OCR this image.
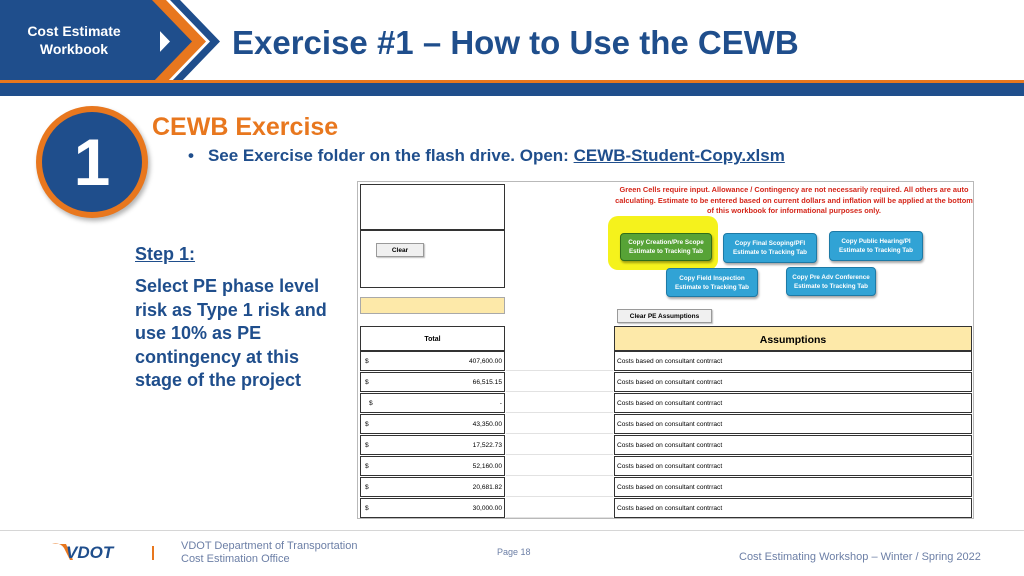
Cost Estimate
Workbook	Exercise #1 – How to Use the CEWB
1	CEWB Exercise
• See Exercise folder on the flash drive. Open: CEWB-Student-Copy.xlsm
Step 1:
Select PE phase level risk as Type 1 risk and use 10% as PE contingency at this stage of the project
Clear
Green Cells require input. Allowance / Contingency are not necessarily required. All others are auto calculating. Estimate to be entered based on current dollars and inflation will be applied at the bottom of this workbook for informational purposes only.
Copy Creation/Pre Scope Estimate to Tracking Tab
Copy Final Scoping/PFI Estimate to Tracking Tab
Copy Public Hearing/PI Estimate to Tracking Tab
Copy Field Inspection Estimate to Tracking Tab
Copy Pre Adv Conference Estimate to Tracking Tab
Clear PE Assumptions
Total	Assumptions
$	407,600.00	Costs based on consultant contrract
$	66,515.15	Costs based on consultant contrract
$	-	Costs based on consultant contrract
$	43,350.00	Costs based on consultant contrract
$	17,522.73	Costs based on consultant contrract
$	52,160.00	Costs based on consultant contrract
$	20,681.82	Costs based on consultant contrract
$	30,000.00	Costs based on consultant contrract
VDOT	VDOT Department of Transportation
Cost Estimation Office
Page 18	Cost Estimating Workshop – Winter / Spring 2022
